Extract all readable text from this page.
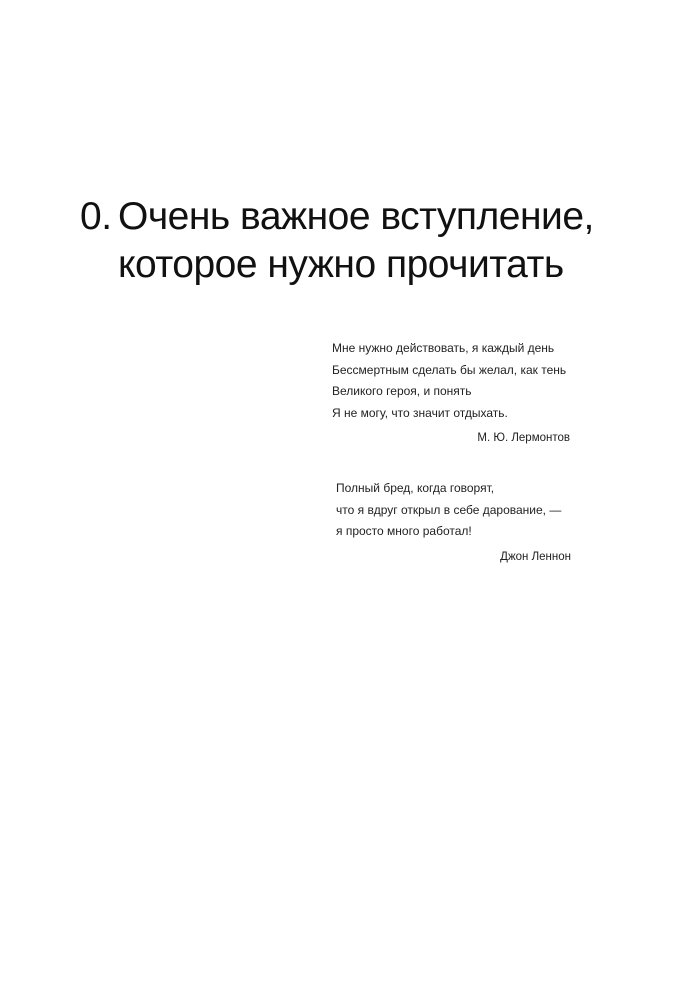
0. Очень важное вступление,
которое нужно прочитать
Мне нужно действовать, я каждый день
Бессмертным сделать бы желал, как тень
Великого героя, и понять
Я не могу, что значит отдыхать.
М. Ю. Лермонтов
Полный бред, когда говорят,
что я вдруг открыл в себе дарование, —
я просто много работал!
Джон Леннон
